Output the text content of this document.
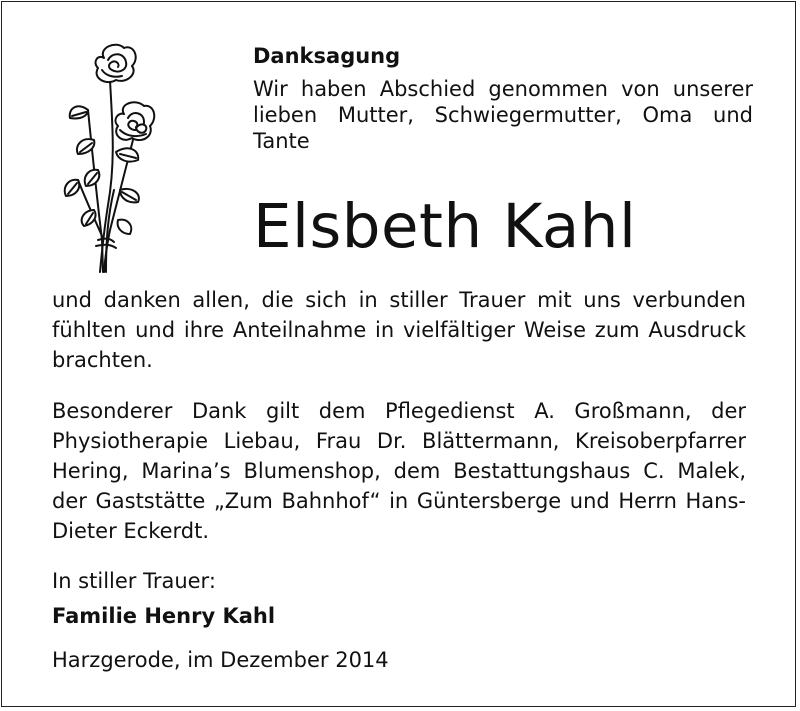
Danksagung

Wir haben Abschied genommen von unserer lieben Mutter, Schwiegermutter, Oma und Tante

Elsbeth Kahl

und danken allen, die sich in stiller Trauer mit uns verbunden fühlten und ihre Anteilnahme in vielfältiger Weise zum Ausdruck brachten.

Besonderer Dank gilt dem Pflegedienst A. Großmann, der Physiotherapie Liebau, Frau Dr. Blättermann, Kreisoberpfarrer Hering, Marina’s Blumenshop, dem Bestattungshaus C. Malek, der Gaststätte „Zum Bahnhof“ in Güntersberge und Herrn Hans-Dieter Eckerdt.

In stiller Trauer:

Familie Henry Kahl

Harzgerode, im Dezember 2014
